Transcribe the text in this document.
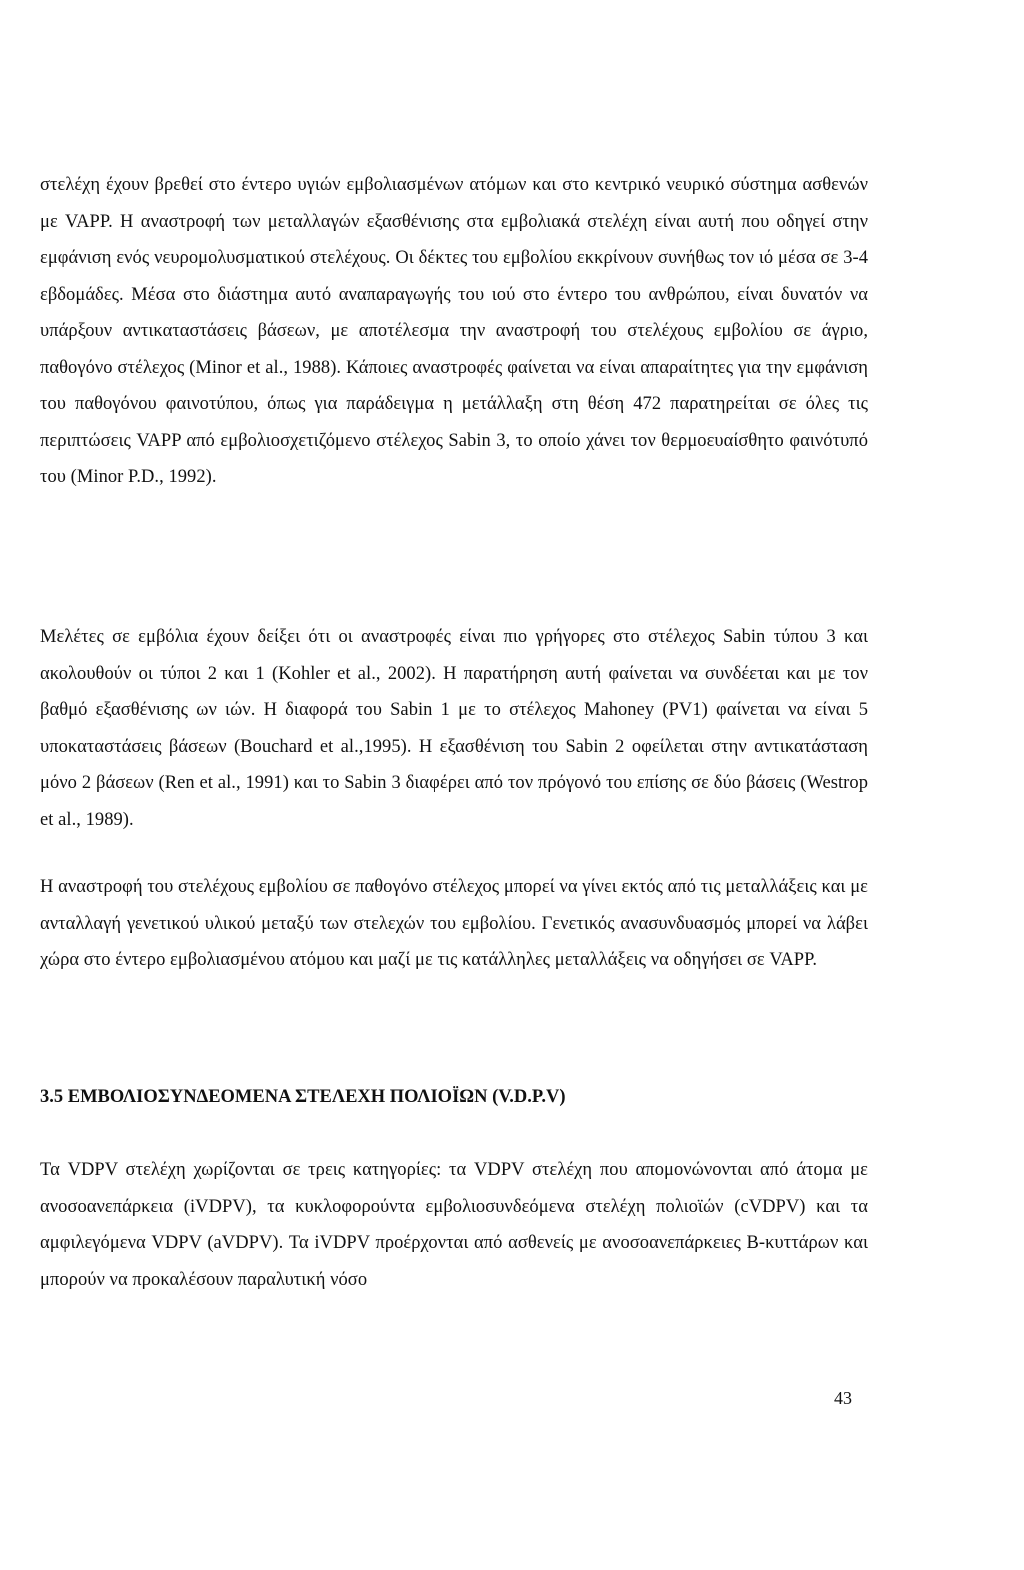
στελέχη έχουν βρεθεί στο έντερο υγιών εμβολιασμένων ατόμων και στο κεντρικό νευρικό σύστημα ασθενών με VAPP. Η αναστροφή των μεταλλαγών εξασθένισης στα εμβολιακά στελέχη είναι αυτή που οδηγεί στην εμφάνιση ενός νευρομολυσματικού στελέχους. Οι δέκτες του εμβολίου εκκρίνουν συνήθως τον ιό μέσα σε 3-4 εβδομάδες. Μέσα στο διάστημα αυτό αναπαραγωγής του ιού στο έντερο του ανθρώπου, είναι δυνατόν να υπάρξουν αντικαταστάσεις βάσεων, με αποτέλεσμα την αναστροφή του στελέχους εμβολίου σε άγριο, παθογόνο στέλεχος (Minor et al., 1988). Κάποιες αναστροφές φαίνεται να είναι απαραίτητες για την εμφάνιση του παθογόνου φαινοτύπου, όπως για παράδειγμα η μετάλλαξη στη θέση 472 παρατηρείται σε όλες τις περιπτώσεις VAPP από εμβολιοσχετιζόμενο στέλεχος Sabin 3, το οποίο χάνει τον θερμοευαίσθητο φαινότυπό του (Minor P.D., 1992).

Μελέτες σε εμβόλια έχουν δείξει ότι οι αναστροφές είναι πιο γρήγορες στο στέλεχος Sabin τύπου 3 και ακολουθούν οι τύποι 2 και 1 (Kohler et al., 2002). Η παρατήρηση αυτή φαίνεται να συνδέεται και με τον βαθμό εξασθένισης ων ιών. Η διαφορά του Sabin 1 με το στέλεχος Mahoney (PV1) φαίνεται να είναι 5 υποκαταστάσεις βάσεων (Bouchard et al.,1995). Η εξασθένιση του Sabin 2 οφείλεται στην αντικατάσταση μόνο 2 βάσεων (Ren et al., 1991) και το Sabin 3 διαφέρει από τον πρόγονό του επίσης σε δύο βάσεις (Westrop et al., 1989).

Η αναστροφή του στελέχους εμβολίου σε παθογόνο στέλεχος μπορεί να γίνει εκτός από τις μεταλλάξεις και με ανταλλαγή γενετικού υλικού μεταξύ των στελεχών του εμβολίου. Γενετικός ανασυνδυασμός μπορεί να λάβει χώρα στο έντερο εμβολιασμένου ατόμου και μαζί με τις κατάλληλες μεταλλάξεις να οδηγήσει σε VAPP.

3.5 ΕΜΒΟΛΙΟΣΥΝΔΕΟΜΕΝΑ ΣΤΕΛΕΧΗ ΠΟΛΙΟΪΩΝ (V.D.P.V)

Τα VDPV στελέχη χωρίζονται σε τρεις κατηγορίες: τα VDPV στελέχη που απομονώνονται από άτομα με ανοσοανεπάρκεια (iVDPV), τα κυκλοφορούντα εμβολιοσυνδεόμενα στελέχη πολιοϊών (cVDPV) και τα αμφιλεγόμενα VDPV (aVDPV). Τα iVDPV προέρχονται από ασθενείς με ανοσοανεπάρκειες Β-κυττάρων και μπορούν να προκαλέσουν παραλυτική νόσο

43
